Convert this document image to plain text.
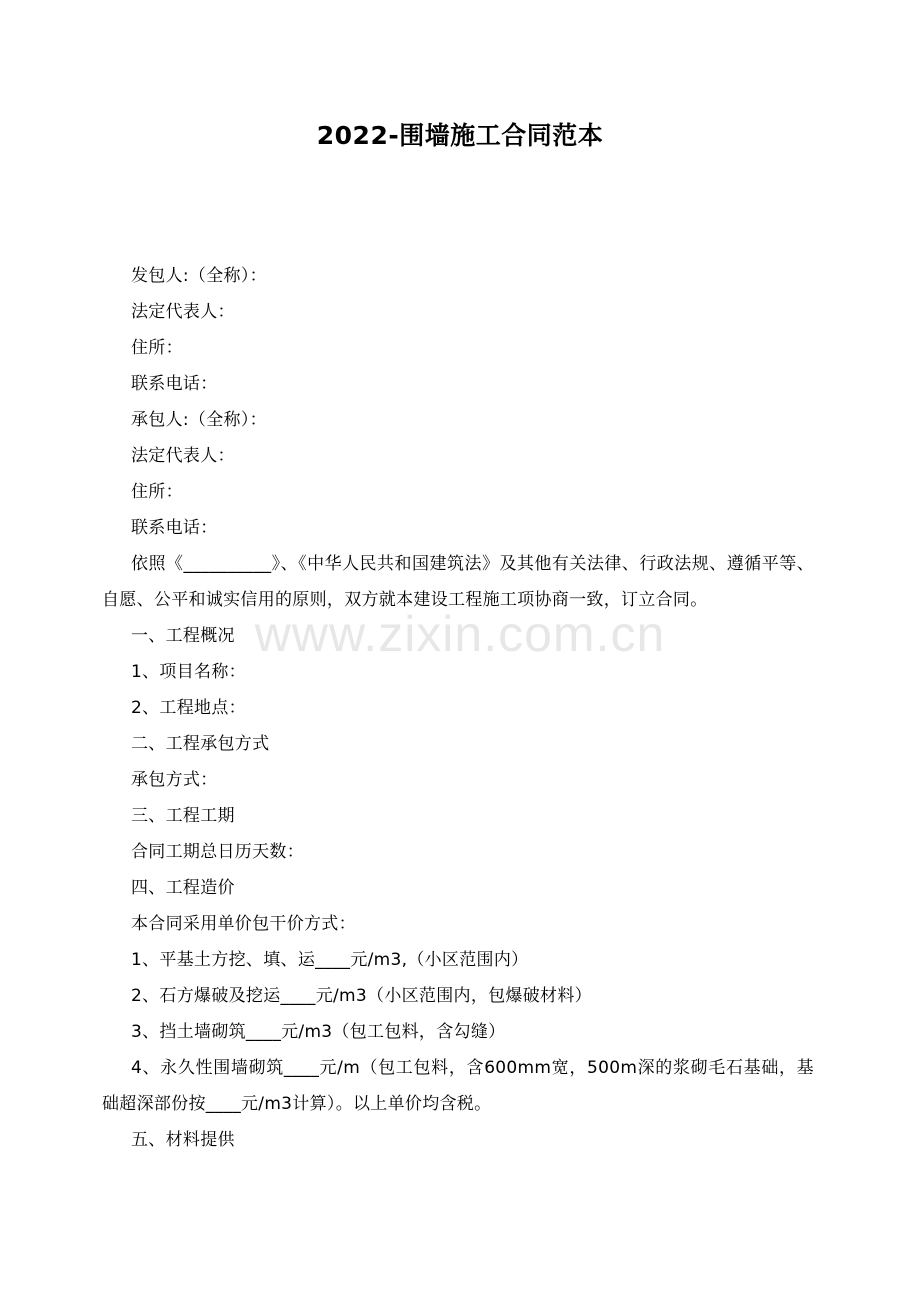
2022-围墙施工合同范本
www.zixin.com.cn
发包人:（全称）：
法定代表人：
住所：
联系电话：
承包人:（全称）：
法定代表人：
住所：
联系电话：
依照《__________》、《中华人民共和国建筑法》及其他有关法律、行政法规、遵循平等、自愿、公平和诚实信用的原则，双方就本建设工程施工项协商一致，订立合同。
一、工程概况
1、项目名称：
2、工程地点：
二、工程承包方式
承包方式：
三、工程工期
合同工期总日历天数：
四、工程造价
本合同采用单价包干价方式：
1、平基土方挖、填、运____元/m3,（小区范围内）
2、石方爆破及挖运____元/m3（小区范围内，包爆破材料）
3、挡土墙砌筑____元/m3（包工包料，含勾缝）
4、永久性围墙砌筑____元/m（包工包料，含600mm宽，500m深的浆砌毛石基础，基础超深部份按____元/m3计算）。以上单价均含税。
五、材料提供
